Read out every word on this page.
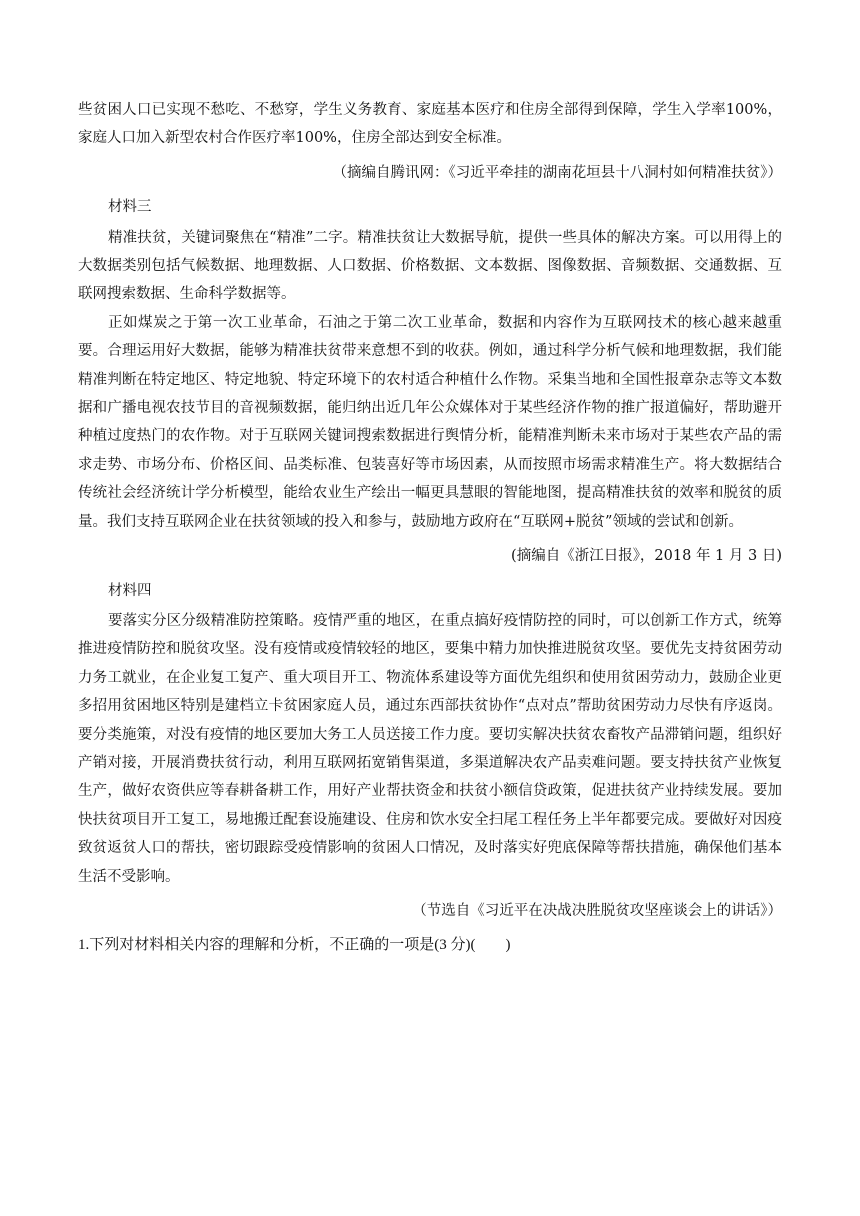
些贫困人口已实现不愁吃、不愁穿，学生义务教育、家庭基本医疗和住房全部得到保障，学生入学率100%，家庭人口加入新型农村合作医疗率100%，住房全部达到安全标准。

（摘编自腾讯网：《习近平牵挂的湖南花垣县十八洞村如何精准扶贫》）
材料三

精准扶贫，关键词聚焦在“精准”二字。精准扶贫让大数据导航，提供一些具体的解决方案。可以用得上的大数据类别包括气候数据、地理数据、人口数据、价格数据、文本数据、图像数据、音频数据、交通数据、互联网搜索数据、生命科学数据等。

正如煤炭之于第一次工业革命，石油之于第二次工业革命，数据和内容作为互联网技术的核心越来越重要。合理运用好大数据，能够为精准扶贫带来意想不到的收获。例如，通过科学分析气候和地理数据，我们能精准判断在特定地区、特定地貌、特定环境下的农村适合种植什么作物。采集当地和全国性报章杂志等文本数据和广播电视农技节目的音视频数据，能归纳出近几年公众媒体对于某些经济作物的推广报道偏好，帮助避开种植过度热门的农作物。对于互联网关键词搜索数据进行舆情分析，能精准判断未来市场对于某些农产品的需求走势、市场分布、价格区间、品类标准、包装喜好等市场因素，从而按照市场需求精准生产。将大数据结合传统社会经济统计学分析模型，能给农业生产绘出一幅更具慧眼的智能地图，提高精准扶贫的效率和脱贫的质量。我们支持互联网企业在扶贫领域的投入和参与，鼓励地方政府在“互联网+脱贫”领域的尝试和创新。

(摘编自《浙江日报》，2018 年 1 月 3 日)
材料四

要落实分区分级精准防控策略。疫情严重的地区，在重点搞好疫情防控的同时，可以创新工作方式，统筹推进疫情防控和脱贫攻坚。没有疫情或疫情较轻的地区，要集中精力加快推进脱贫攻坚。要优先支持贫困劳动力务工就业，在企业复工复产、重大项目开工、物流体系建设等方面优先组织和使用贫困劳动力，鼓励企业更多招用贫困地区特别是建档立卡贫困家庭人员，通过东西部扶贫协作“点对点”帮助贫困劳动力尽快有序返岗。要分类施策，对没有疫情的地区要加大务工人员送接工作力度。要切实解决扶贫农畜牧产品滞销问题，组织好产销对接，开展消费扶贫行动，利用互联网拓宽销售渠道，多渠道解决农产品卖难问题。要支持扶贫产业恢复生产，做好农资供应等春耕备耕工作，用好产业帮扶资金和扶贫小额信贷政策，促进扶贫产业持续发展。要加快扶贫项目开工复工，易地搬迁配套设施建设、住房和饮水安全扫尾工程任务上半年都要完成。要做好对因疫致贫返贫人口的帮扶，密切跟踪受疫情影响的贫困人口情况，及时落实好兜底保障等帮扶措施，确保他们基本生活不受影响。

（节选自《习近平在决战决胜脱贫攻坚座谈会上的讲话》）
1.下列对材料相关内容的理解和分析，不正确的一项是(3 分)(　　)
